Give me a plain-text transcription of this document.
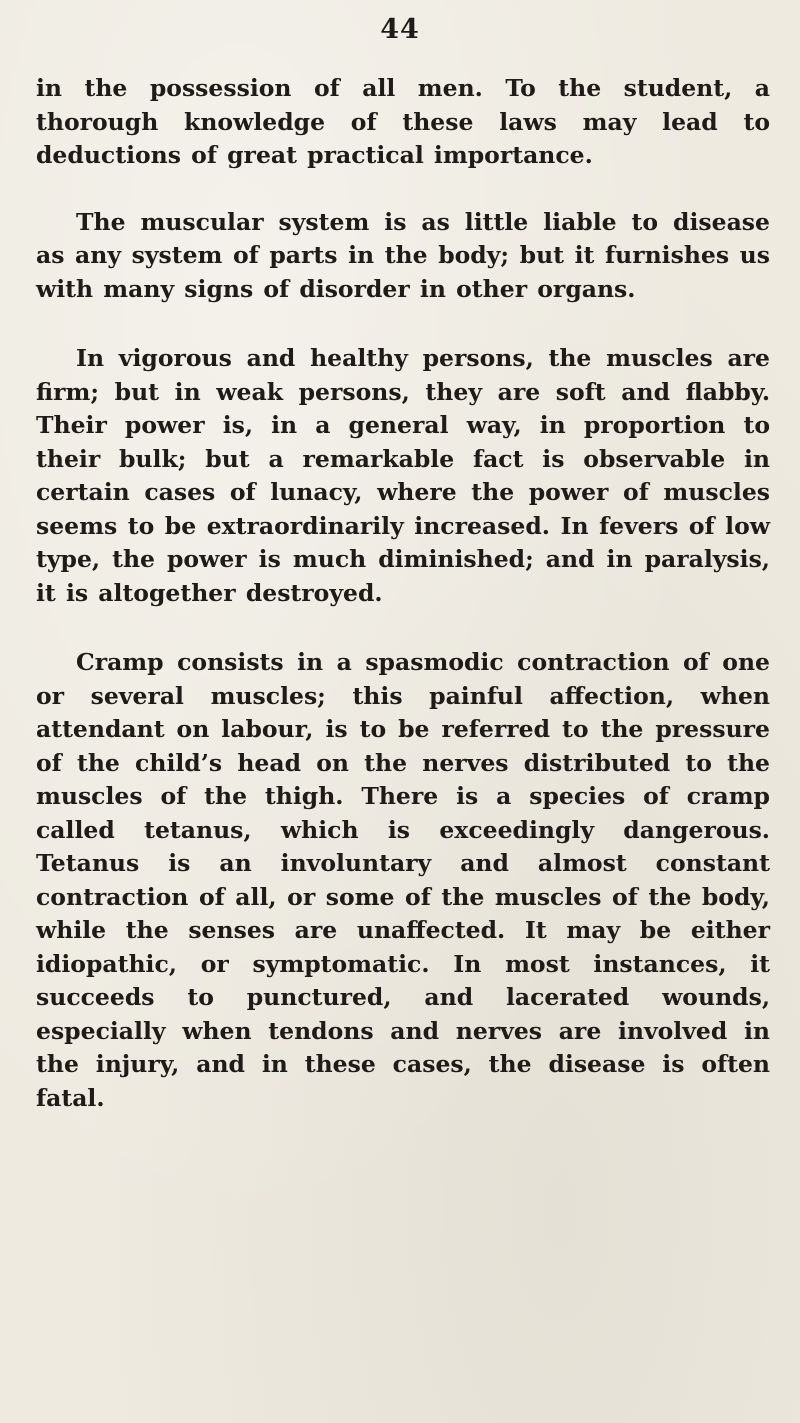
44

in the possession of all men. To the student, a thorough knowledge of these laws may lead to deductions of great practical importance.

The muscular system is as little liable to disease as any system of parts in the body; but it furnishes us with many signs of disorder in other organs.

In vigorous and healthy persons, the muscles are firm; but in weak persons, they are soft and flabby. Their power is, in a general way, in proportion to their bulk; but a remarkable fact is observable in certain cases of lunacy, where the power of muscles seems to be extraordinarily increased. In fevers of low type, the power is much diminished; and in paralysis, it is altogether destroyed.

Cramp consists in a spasmodic contraction of one or several muscles; this painful affection, when attendant on labour, is to be referred to the pressure of the child’s head on the nerves distributed to the muscles of the thigh. There is a species of cramp called tetanus, which is exceedingly dangerous. Tetanus is an involuntary and almost constant contraction of all, or some of the muscles of the body, while the senses are unaffected. It may be either idiopathic, or symptomatic. In most instances, it succeeds to punctured, and lacerated wounds, especially when tendons and nerves are involved in the injury, and in these cases, the disease is often fatal.
